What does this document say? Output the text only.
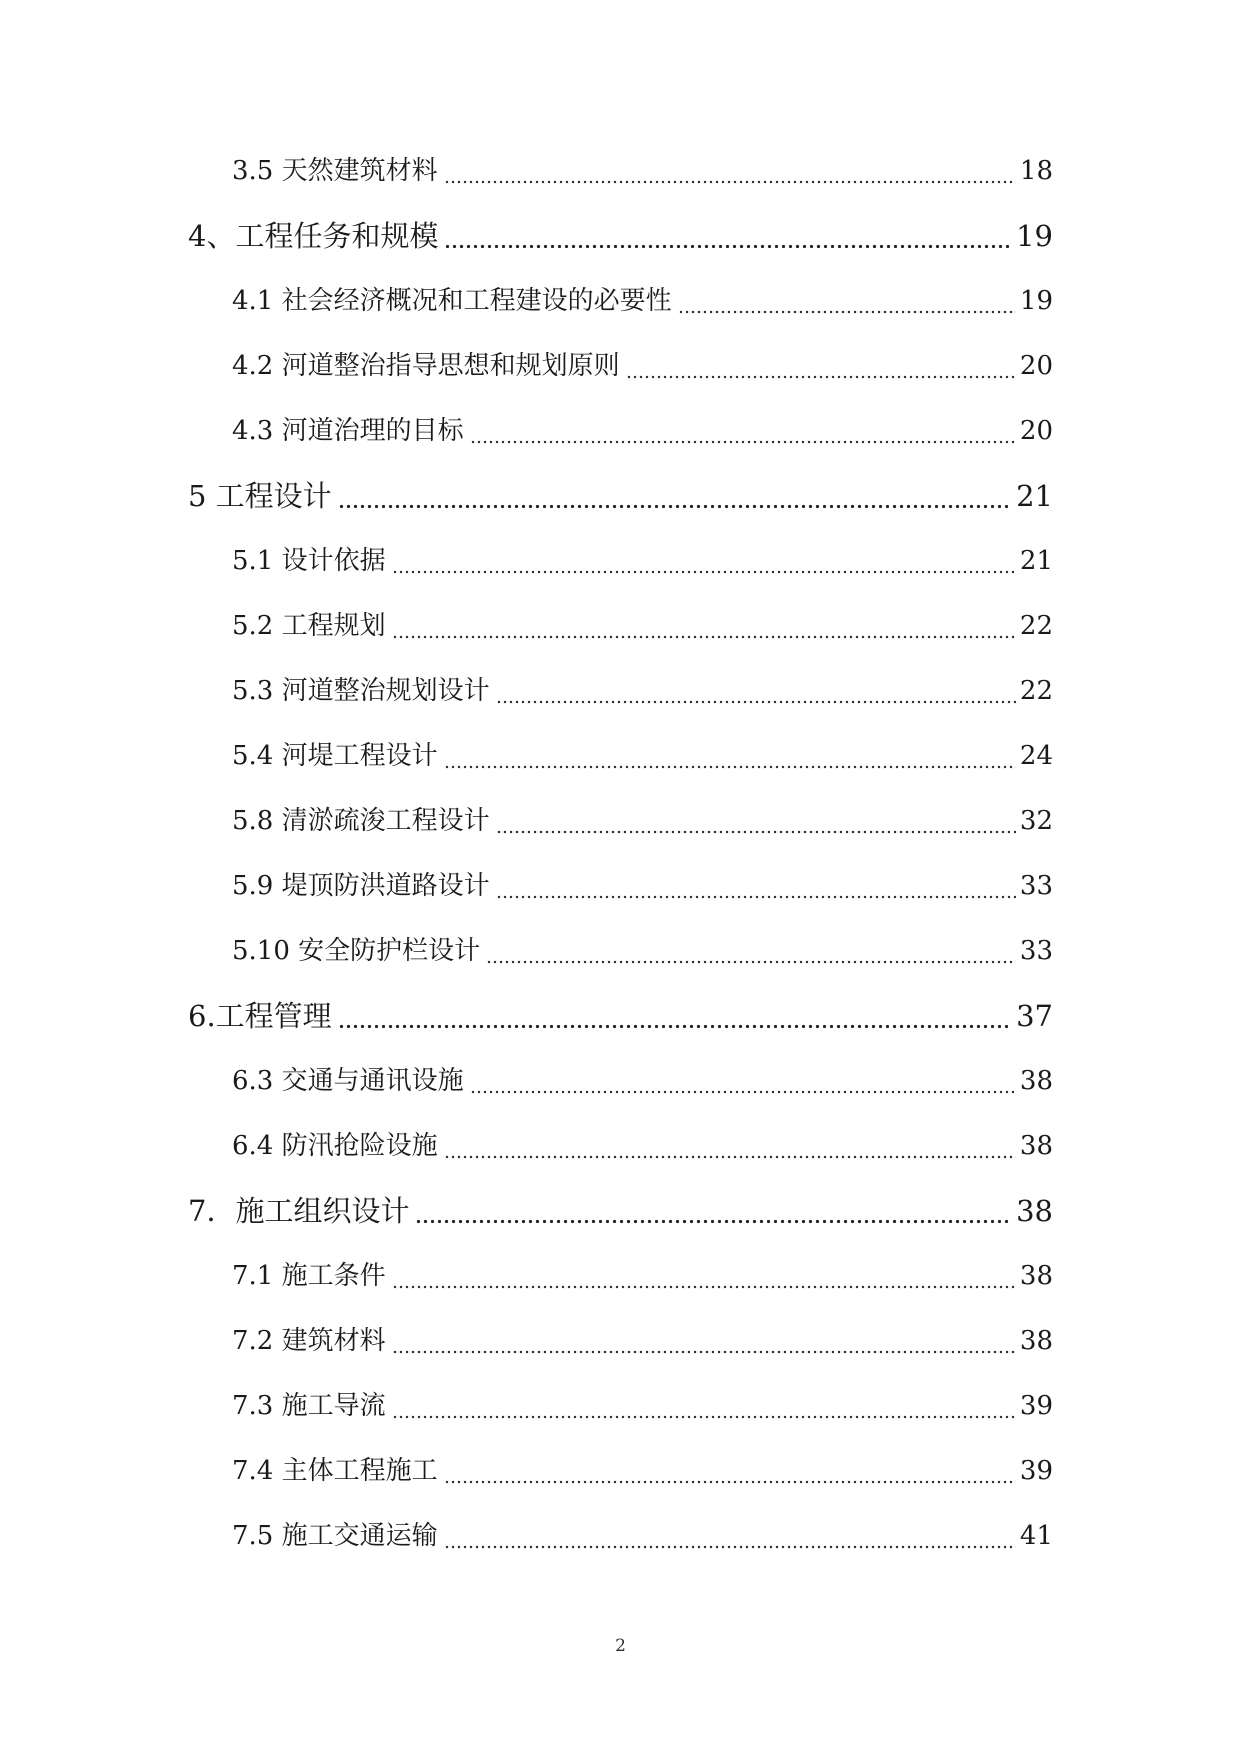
3.5 天然建筑材料	18
4、工程任务和规模	19
4.1 社会经济概况和工程建设的必要性	19
4.2 河道整治指导思想和规划原则	20
4.3 河道治理的目标	20
5 工程设计	21
5.1 设计依据	21
5.2 工程规划	22
5.3 河道整治规划设计	22
5.4 河堤工程设计	24
5.8 清淤疏浚工程设计	32
5.9 堤顶防洪道路设计	33
5.10 安全防护栏设计	33
6.工程管理	37
6.3 交通与通讯设施	38
6.4 防汛抢险设施	38
7．施工组织设计	38
7.1 施工条件	38
7.2 建筑材料	38
7.3 施工导流	39
7.4 主体工程施工	39
7.5 施工交通运输	41
2
